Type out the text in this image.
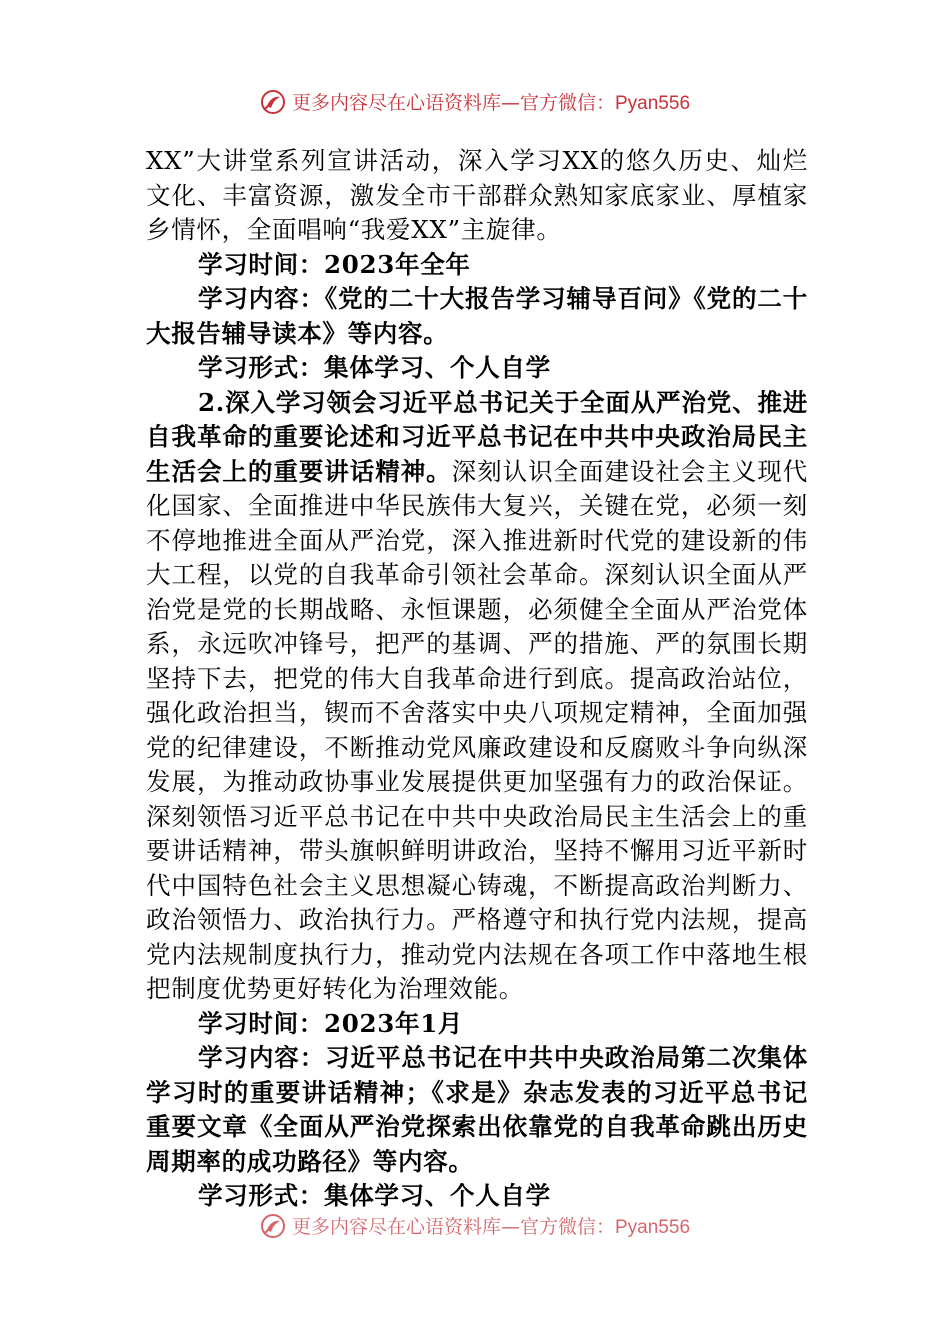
更多内容尽在心语资料库—官方微信：Pyan556

XX”大讲堂系列宣讲活动，深入学习XX的悠久历史、灿烂文化、丰富资源，激发全市干部群众熟知家底家业、厚植家乡情怀，全面唱响“我爱XX”主旋律。

学习时间：2023年全年

学习内容：《党的二十大报告学习辅导百问》《党的二十大报告辅导读本》等内容。

学习形式：集体学习、个人自学

2.深入学习领会习近平总书记关于全面从严治党、推进自我革命的重要论述和习近平总书记在中共中央政治局民主生活会上的重要讲话精神。深刻认识全面建设社会主义现代化国家、全面推进中华民族伟大复兴，关键在党，必须一刻不停地推进全面从严治党，深入推进新时代党的建设新的伟大工程，以党的自我革命引领社会革命。深刻认识全面从严治党是党的长期战略、永恒课题，必须健全全面从严治党体系，永远吹冲锋号，把严的基调、严的措施、严的氛围长期坚持下去，把党的伟大自我革命进行到底。提高政治站位，强化政治担当，锲而不舍落实中央八项规定精神，全面加强党的纪律建设，不断推动党风廉政建设和反腐败斗争向纵深发展，为推动政协事业发展提供更加坚强有力的政治保证。深刻领悟习近平总书记在中共中央政治局民主生活会上的重要讲话精神，带头旗帜鲜明讲政治，坚持不懈用习近平新时代中国特色社会主义思想凝心铸魂，不断提高政治判断力、政治领悟力、政治执行力。严格遵守和执行党内法规，提高党内法规制度执行力，推动党内法规在各项工作中落地生根把制度优势更好转化为治理效能。

学习时间：2023年1月

学习内容：习近平总书记在中共中央政治局第二次集体学习时的重要讲话精神；《求是》杂志发表的习近平总书记重要文章《全面从严治党探索出依靠党的自我革命跳出历史周期率的成功路径》等内容。

学习形式：集体学习、个人自学

更多内容尽在心语资料库—官方微信：Pyan556
